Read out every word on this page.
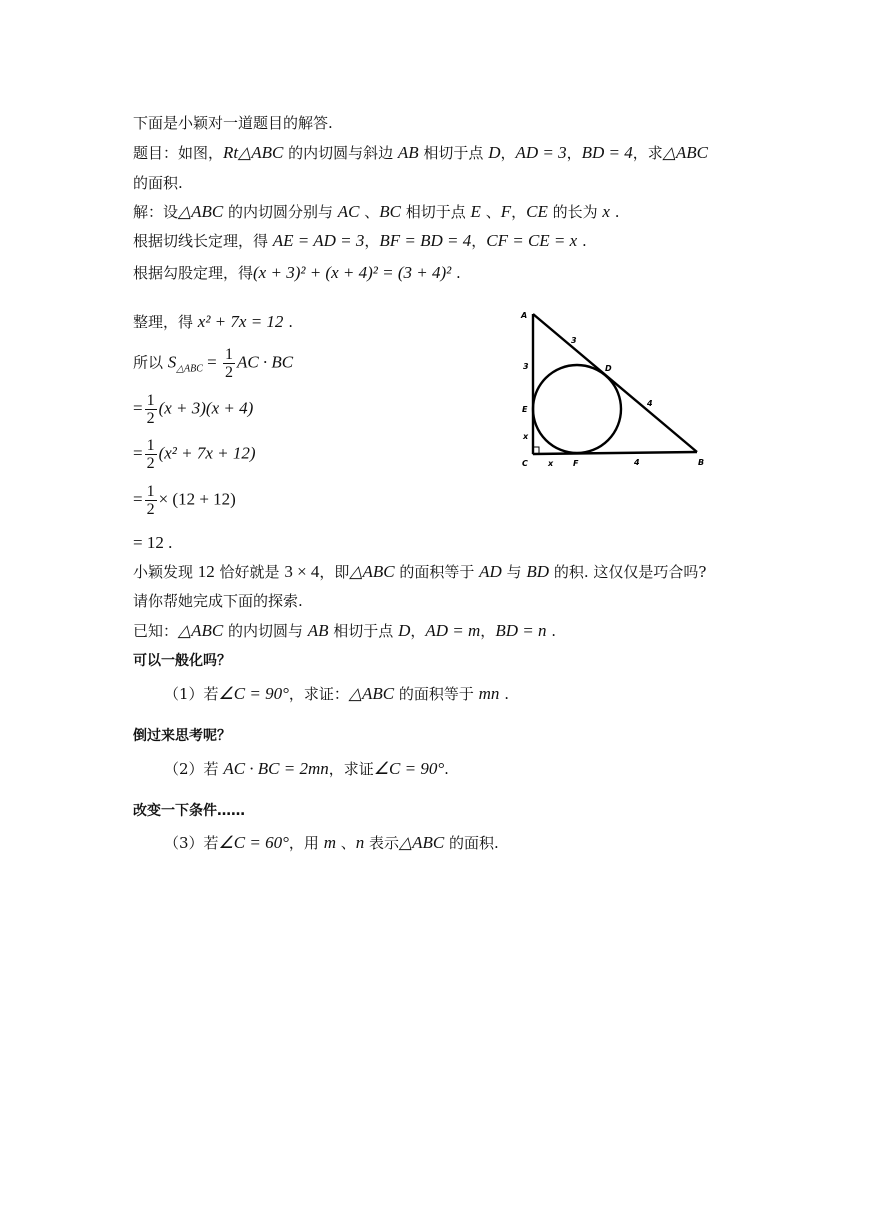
下面是小颖对一道题目的解答.
题目：如图，Rt△ABC 的内切圆与斜边 AB 相切于点 D，AD = 3，BD = 4，求△ABC
的面积.
解：设△ABC 的内切圆分别与 AC 、BC 相切于点 E 、F，CE 的长为 x .
根据切线长定理，得 AE = AD = 3，BF = BD = 4，CF = CE = x .
根据勾股定理，得(x + 3)² + (x + 4)² = (3 + 4)² .
整理，得 x² + 7x = 12 .
所以 $S_{\triangle ABC} = \frac{1}{2}$ AC · BC
= $\frac{1}{2} (x + 3)(x + 4)$
= $\frac{1}{2} (x^2 + 7x + 12)$
= $\frac{1}{2} \times (12 + 12)$
= 12 .
小颖发现 12 恰好就是 3 × 4，即△ABC 的面积等于 AD 与 BD 的积. 这仅仅是巧合吗?
请你帮她完成下面的探索.
已知：△ABC 的内切圆与 AB 相切于点 D，AD = m，BD = n .
可以一般化吗？
（1）若∠C = 90°，求证：△ABC 的面积等于 mn .
倒过来思考呢？
（2）若 AC · BC = 2mn，求证∠C = 90°.
改变一下条件……
（3）若∠C = 60°，用 m 、n 表示△ABC 的面积.
A
B
C
D
E
F
3
4
3
x
x	4
